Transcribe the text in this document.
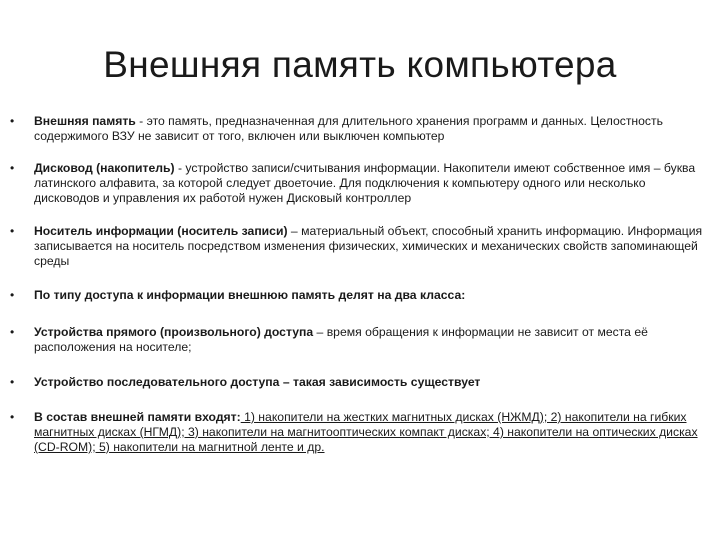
Внешняя память компьютера
• Внешняя память - это память, предназначенная для длительного хранения программ и данных. Целостность содержимого ВЗУ не зависит от того, включен или выключен компьютер
• Дисковод (накопитель) - устройство записи/считывания информации. Накопители имеют собственное имя – буква латинского алфавита, за которой следует двоеточие. Для подключения к компьютеру одного или несколько дисководов и управления их работой нужен Дисковый контроллер
• Носитель информации (носитель записи) – материальный объект, способный хранить информацию. Информация записывается на носитель посредством изменения физических, химических и механических свойств запоминающей среды
• По типу доступа к информации внешнюю память делят на два класса:
• Устройства прямого (произвольного) доступа – время обращения к информации не зависит от места её расположения на носителе;
• Устройство последовательного доступа – такая зависимость существует
• В состав внешней памяти входят: 1) накопители на жестких магнитных дисках (НЖМД); 2) накопители на гибких магнитных дисках (НГМД); 3) накопители на магнитооптических компакт дисках; 4) накопители на оптических дисках (CD-ROM); 5) накопители на магнитной ленте и др.
